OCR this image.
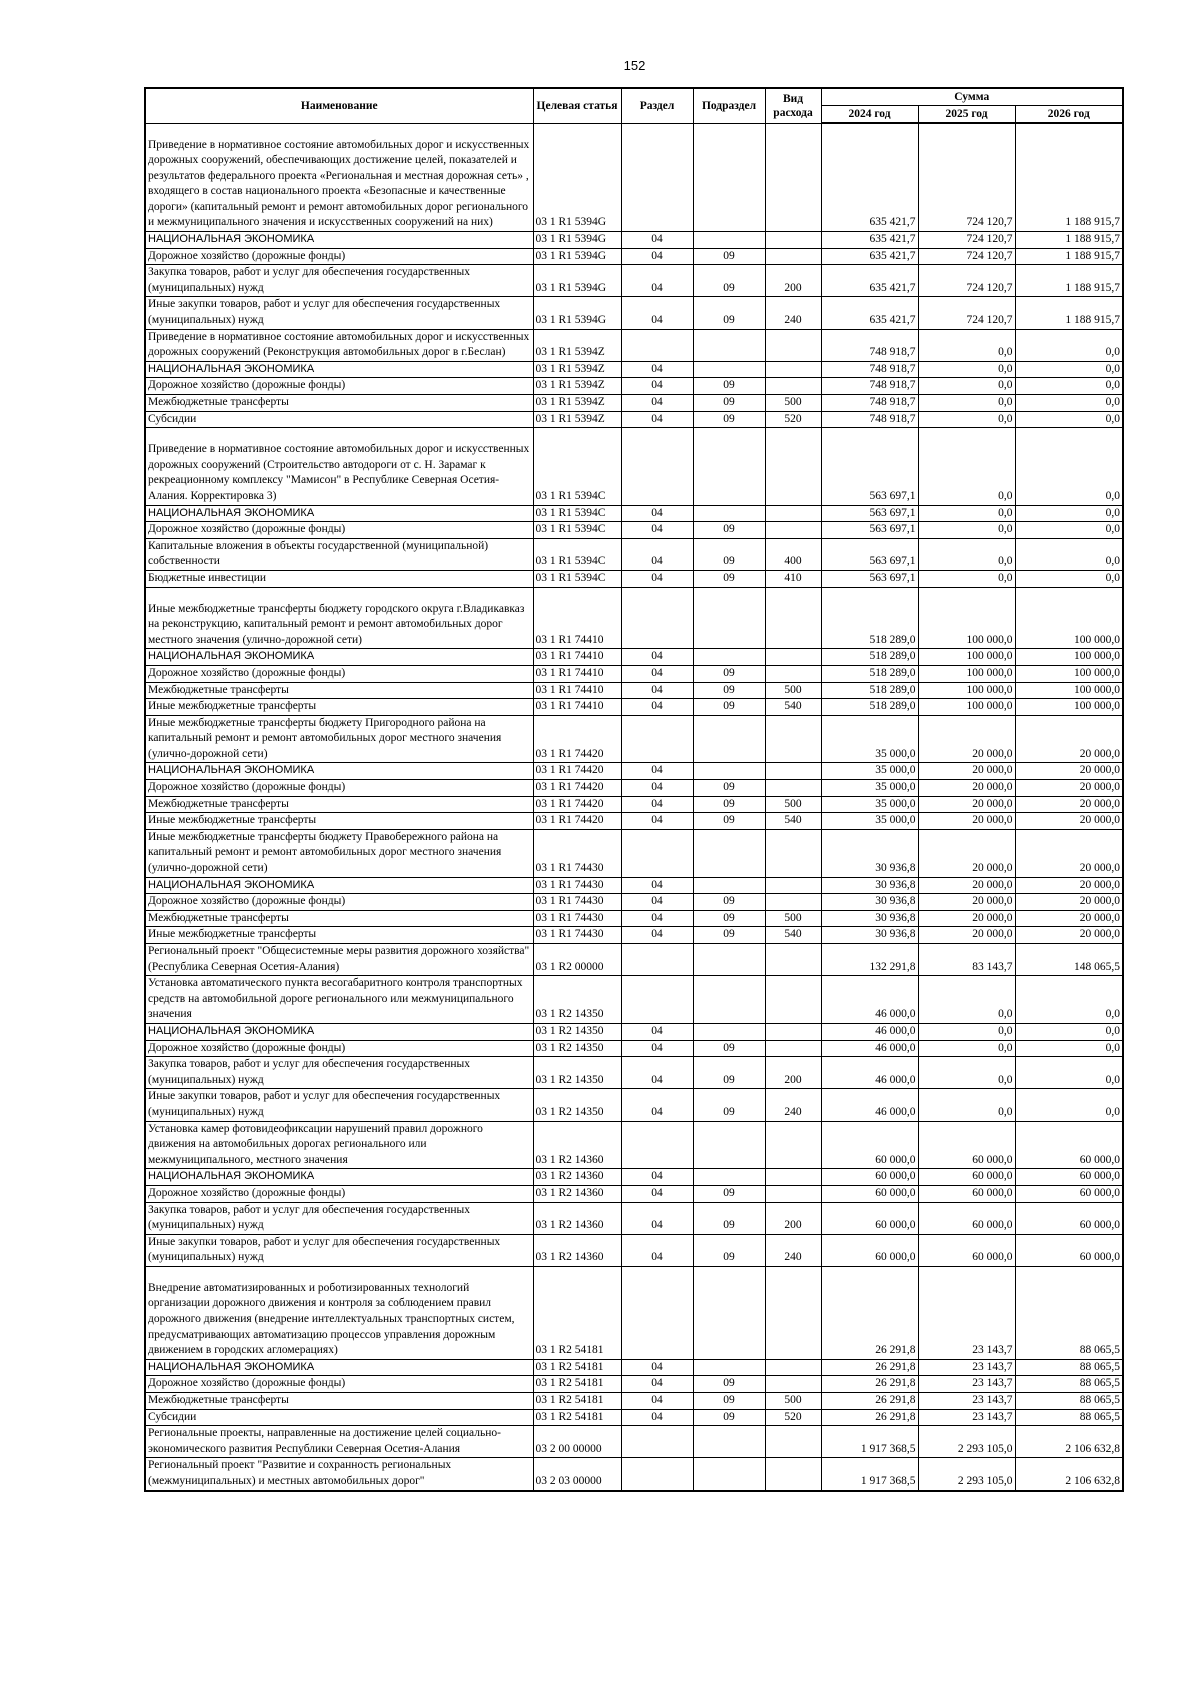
152
Наименование	Целевая статья	Раздел	Подраздел	Вид расхода	Сумма		
					2024 год	2025 год	2026 год

Приведение в нормативное состояние автомобильных дорог и искусственных дорожных сооружений, обеспечивающих достижение целей, показателей и результатов федерального проекта «Региональная и местная дорожная сеть» , входящего в состав национального проекта «Безопасные и качественные дороги» (капитальный ремонт и ремонт автомобильных дорог регионального и межмуниципального значения и искусственных сооружений на них)	03 1 R1 5394G				635 421,7	724 120,7	1 188 915,7
НАЦИОНАЛЬНАЯ ЭКОНОМИКА	03 1 R1 5394G	04			635 421,7	724 120,7	1 188 915,7
Дорожное хозяйство (дорожные фонды)	03 1 R1 5394G	04	09		635 421,7	724 120,7	1 188 915,7
Закупка товаров, работ и услуг для обеспечения государственных (муниципальных) нужд	03 1 R1 5394G	04	09	200	635 421,7	724 120,7	1 188 915,7
Иные закупки товаров, работ и услуг для обеспечения государственных (муниципальных) нужд	03 1 R1 5394G	04	09	240	635 421,7	724 120,7	1 188 915,7
Приведение в нормативное состояние автомобильных дорог и искусственных дорожных сооружений (Реконструкция автомобильных дорог в г.Беслан)	03 1 R1 5394Z				748 918,7	0,0	0,0
НАЦИОНАЛЬНАЯ ЭКОНОМИКА	03 1 R1 5394Z	04			748 918,7	0,0	0,0
Дорожное хозяйство (дорожные фонды)	03 1 R1 5394Z	04	09		748 918,7	0,0	0,0
Межбюджетные трансферты	03 1 R1 5394Z	04	09	500	748 918,7	0,0	0,0
Субсидии	03 1 R1 5394Z	04	09	520	748 918,7	0,0	0,0

Приведение в нормативное состояние автомобильных дорог и искусственных дорожных сооружений (Строительство автодороги от с. Н. Зарамаг к рекреационному комплексу "Мамисон" в Республике Северная Осетия-Алания. Корректировка 3)	03 1 R1 5394C				563 697,1	0,0	0,0
НАЦИОНАЛЬНАЯ ЭКОНОМИКА	03 1 R1 5394C	04			563 697,1	0,0	0,0
Дорожное хозяйство (дорожные фонды)	03 1 R1 5394C	04	09		563 697,1	0,0	0,0
Капитальные вложения в объекты государственной (муниципальной) собственности	03 1 R1 5394C	04	09	400	563 697,1	0,0	0,0
Бюджетные инвестиции	03 1 R1 5394C	04	09	410	563 697,1	0,0	0,0

Иные межбюджетные трансферты бюджету городского округа г.Владикавказ на реконструкцию, капитальный ремонт и ремонт автомобильных дорог местного значения (улично-дорожной сети)	03 1 R1 74410				518 289,0	100 000,0	100 000,0
НАЦИОНАЛЬНАЯ ЭКОНОМИКА	03 1 R1 74410	04			518 289,0	100 000,0	100 000,0
Дорожное хозяйство (дорожные фонды)	03 1 R1 74410	04	09		518 289,0	100 000,0	100 000,0
Межбюджетные трансферты	03 1 R1 74410	04	09	500	518 289,0	100 000,0	100 000,0
Иные межбюджетные трансферты	03 1 R1 74410	04	09	540	518 289,0	100 000,0	100 000,0
Иные межбюджетные трансферты бюджету Пригородного района на капитальный ремонт и ремонт автомобильных дорог местного значения (улично-дорожной сети)	03 1 R1 74420				35 000,0	20 000,0	20 000,0
НАЦИОНАЛЬНАЯ ЭКОНОМИКА	03 1 R1 74420	04			35 000,0	20 000,0	20 000,0
Дорожное хозяйство (дорожные фонды)	03 1 R1 74420	04	09		35 000,0	20 000,0	20 000,0
Межбюджетные трансферты	03 1 R1 74420	04	09	500	35 000,0	20 000,0	20 000,0
Иные межбюджетные трансферты	03 1 R1 74420	04	09	540	35 000,0	20 000,0	20 000,0
Иные межбюджетные трансферты бюджету Правобережного района на капитальный ремонт и ремонт автомобильных дорог местного значения (улично-дорожной сети)	03 1 R1 74430				30 936,8	20 000,0	20 000,0
НАЦИОНАЛЬНАЯ ЭКОНОМИКА	03 1 R1 74430	04			30 936,8	20 000,0	20 000,0
Дорожное хозяйство (дорожные фонды)	03 1 R1 74430	04	09		30 936,8	20 000,0	20 000,0
Межбюджетные трансферты	03 1 R1 74430	04	09	500	30 936,8	20 000,0	20 000,0
Иные межбюджетные трансферты	03 1 R1 74430	04	09	540	30 936,8	20 000,0	20 000,0
Региональный проект "Общесистемные меры развития дорожного хозяйства" (Республика Северная Осетия-Алания)	03 1 R2 00000				132 291,8	83 143,7	148 065,5
Установка автоматического пункта весогабаритного контроля транспортных средств на автомобильной дороге регионального или межмуниципального значения	03 1 R2 14350				46 000,0	0,0	0,0
НАЦИОНАЛЬНАЯ ЭКОНОМИКА	03 1 R2 14350	04			46 000,0	0,0	0,0
Дорожное хозяйство (дорожные фонды)	03 1 R2 14350	04	09		46 000,0	0,0	0,0
Закупка товаров, работ и услуг для обеспечения государственных (муниципальных) нужд	03 1 R2 14350	04	09	200	46 000,0	0,0	0,0
Иные закупки товаров, работ и услуг для обеспечения государственных (муниципальных) нужд	03 1 R2 14350	04	09	240	46 000,0	0,0	0,0
Установка камер фотовидеофиксации нарушений правил дорожного движения на автомобильных дорогах регионального или межмуниципального, местного значения	03 1 R2 14360				60 000,0	60 000,0	60 000,0
НАЦИОНАЛЬНАЯ ЭКОНОМИКА	03 1 R2 14360	04			60 000,0	60 000,0	60 000,0
Дорожное хозяйство (дорожные фонды)	03 1 R2 14360	04	09		60 000,0	60 000,0	60 000,0
Закупка товаров, работ и услуг для обеспечения государственных (муниципальных) нужд	03 1 R2 14360	04	09	200	60 000,0	60 000,0	60 000,0
Иные закупки товаров, работ и услуг для обеспечения государственных (муниципальных) нужд	03 1 R2 14360	04	09	240	60 000,0	60 000,0	60 000,0

Внедрение автоматизированных и роботизированных технологий организации дорожного движения и контроля за соблюдением правил дорожного движения (внедрение интеллектуальных транспортных систем, предусматривающих автоматизацию процессов управления дорожным движением в городских агломерациях)	03 1 R2 54181				26 291,8	23 143,7	88 065,5
НАЦИОНАЛЬНАЯ ЭКОНОМИКА	03 1 R2 54181	04			26 291,8	23 143,7	88 065,5
Дорожное хозяйство (дорожные фонды)	03 1 R2 54181	04	09		26 291,8	23 143,7	88 065,5
Межбюджетные трансферты	03 1 R2 54181	04	09	500	26 291,8	23 143,7	88 065,5
Субсидии	03 1 R2 54181	04	09	520	26 291,8	23 143,7	88 065,5
Региональные проекты, направленные на достижение целей социально-экономического развития Республики Северная Осетия-Алания	03 2 00 00000				1 917 368,5	2 293 105,0	2 106 632,8
Региональный проект "Развитие и сохранность региональных (межмуниципальных) и местных автомобильных дорог"	03 2 03 00000				1 917 368,5	2 293 105,0	2 106 632,8
